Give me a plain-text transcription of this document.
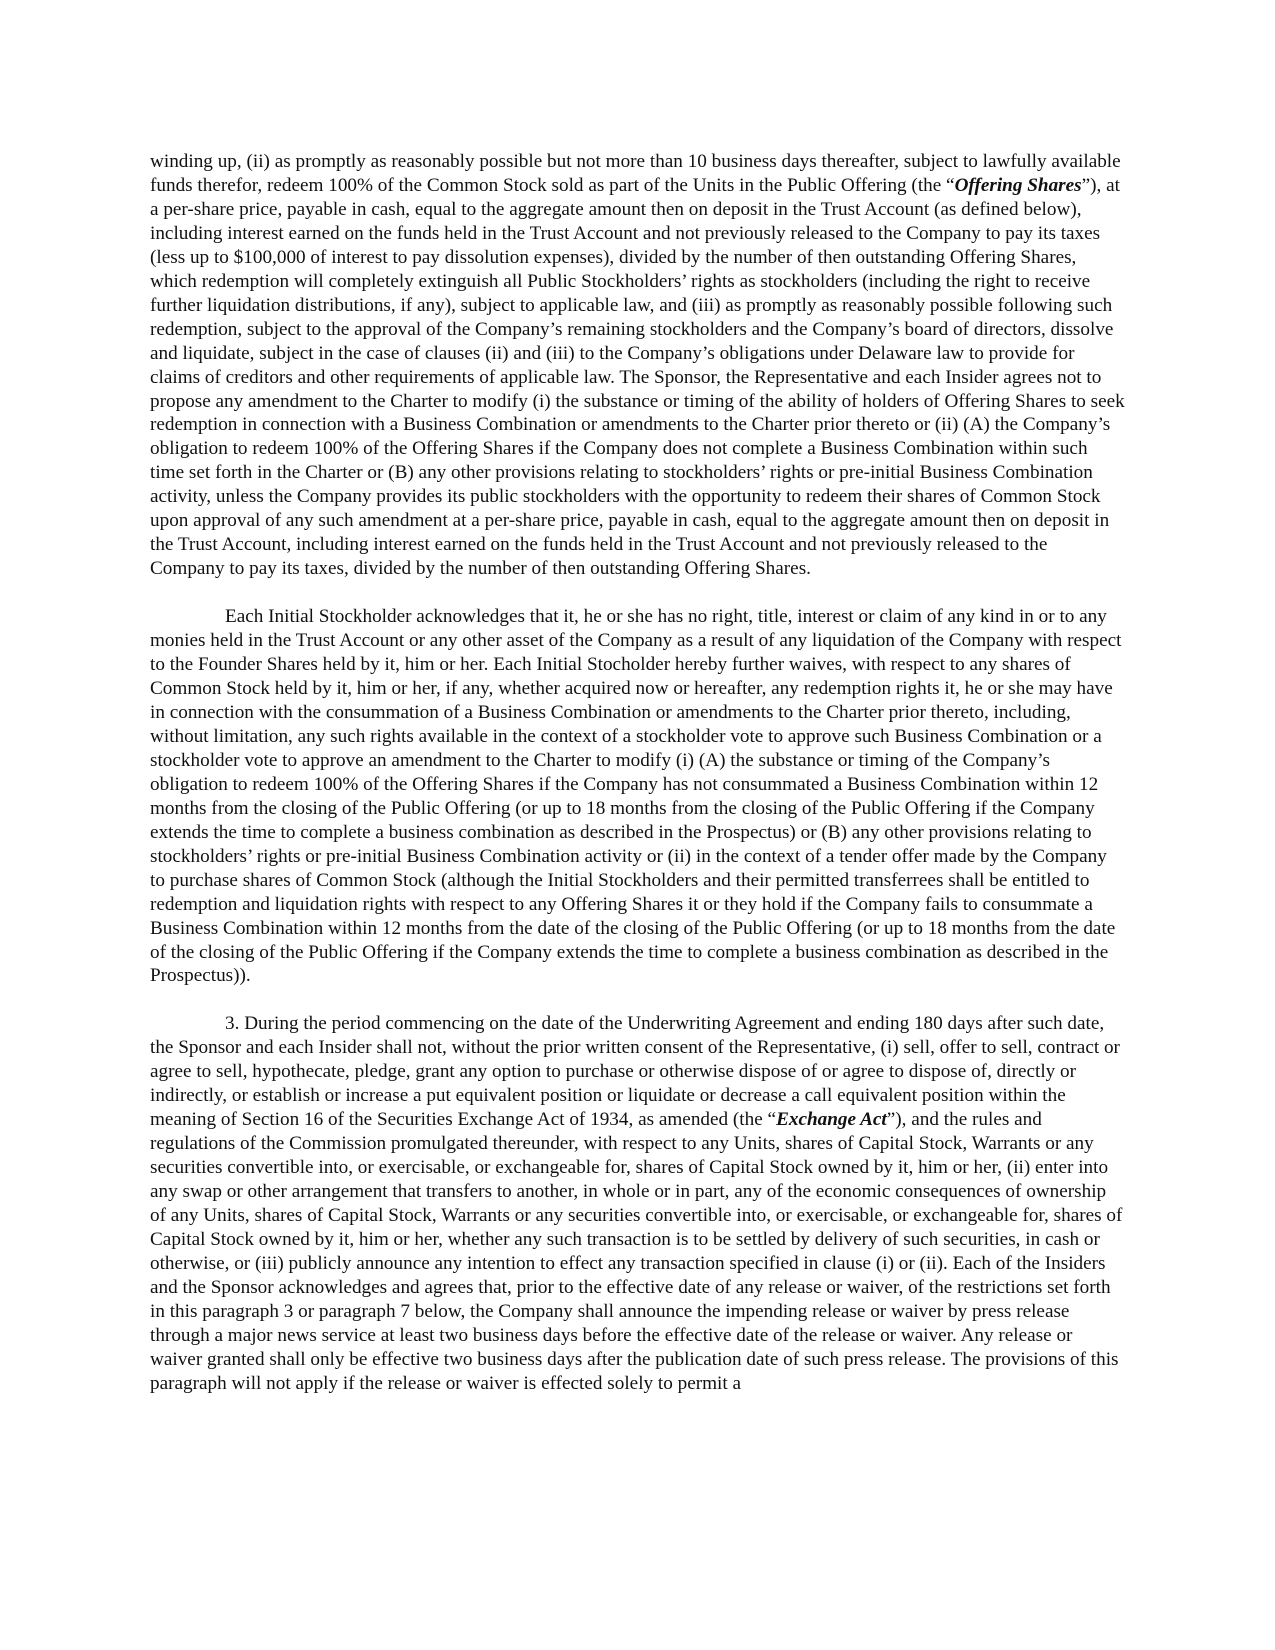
winding up, (ii) as promptly as reasonably possible but not more than 10 business days thereafter, subject to lawfully available funds therefor, redeem 100% of the Common Stock sold as part of the Units in the Public Offering (the “Offering Shares”), at a per-share price, payable in cash, equal to the aggregate amount then on deposit in the Trust Account (as defined below), including interest earned on the funds held in the Trust Account and not previously released to the Company to pay its taxes (less up to $100,000 of interest to pay dissolution expenses), divided by the number of then outstanding Offering Shares, which redemption will completely extinguish all Public Stockholders’ rights as stockholders (including the right to receive further liquidation distributions, if any), subject to applicable law, and (iii) as promptly as reasonably possible following such redemption, subject to the approval of the Company’s remaining stockholders and the Company’s board of directors, dissolve and liquidate, subject in the case of clauses (ii) and (iii) to the Company’s obligations under Delaware law to provide for claims of creditors and other requirements of applicable law. The Sponsor, the Representative and each Insider agrees not to propose any amendment to the Charter to modify (i) the substance or timing of the ability of holders of Offering Shares to seek redemption in connection with a Business Combination or amendments to the Charter prior thereto or (ii) (A) the Company’s obligation to redeem 100% of the Offering Shares if the Company does not complete a Business Combination within such time set forth in the Charter or (B) any other provisions relating to stockholders’ rights or pre-initial Business Combination activity, unless the Company provides its public stockholders with the opportunity to redeem their shares of Common Stock upon approval of any such amendment at a per-share price, payable in cash, equal to the aggregate amount then on deposit in the Trust Account, including interest earned on the funds held in the Trust Account and not previously released to the Company to pay its taxes, divided by the number of then outstanding Offering Shares.

Each Initial Stockholder acknowledges that it, he or she has no right, title, interest or claim of any kind in or to any monies held in the Trust Account or any other asset of the Company as a result of any liquidation of the Company with respect to the Founder Shares held by it, him or her. Each Initial Stocholder hereby further waives, with respect to any shares of Common Stock held by it, him or her, if any, whether acquired now or hereafter, any redemption rights it, he or she may have in connection with the consummation of a Business Combination or amendments to the Charter prior thereto, including, without limitation, any such rights available in the context of a stockholder vote to approve such Business Combination or a stockholder vote to approve an amendment to the Charter to modify (i) (A) the substance or timing of the Company’s obligation to redeem 100% of the Offering Shares if the Company has not consummated a Business Combination within 12 months from the closing of the Public Offering (or up to 18 months from the closing of the Public Offering if the Company extends the time to complete a business combination as described in the Prospectus) or (B) any other provisions relating to stockholders’ rights or pre-initial Business Combination activity or (ii) in the context of a tender offer made by the Company to purchase shares of Common Stock (although the Initial Stockholders and their permitted transferrees shall be entitled to redemption and liquidation rights with respect to any Offering Shares it or they hold if the Company fails to consummate a Business Combination within 12 months from the date of the closing of the Public Offering (or up to 18 months from the date of the closing of the Public Offering if the Company extends the time to complete a business combination as described in the Prospectus)).

3. During the period commencing on the date of the Underwriting Agreement and ending 180 days after such date, the Sponsor and each Insider shall not, without the prior written consent of the Representative, (i) sell, offer to sell, contract or agree to sell, hypothecate, pledge, grant any option to purchase or otherwise dispose of or agree to dispose of, directly or indirectly, or establish or increase a put equivalent position or liquidate or decrease a call equivalent position within the meaning of Section 16 of the Securities Exchange Act of 1934, as amended (the “Exchange Act”), and the rules and regulations of the Commission promulgated thereunder, with respect to any Units, shares of Capital Stock, Warrants or any securities convertible into, or exercisable, or exchangeable for, shares of Capital Stock owned by it, him or her, (ii) enter into any swap or other arrangement that transfers to another, in whole or in part, any of the economic consequences of ownership of any Units, shares of Capital Stock, Warrants or any securities convertible into, or exercisable, or exchangeable for, shares of Capital Stock owned by it, him or her, whether any such transaction is to be settled by delivery of such securities, in cash or otherwise, or (iii) publicly announce any intention to effect any transaction specified in clause (i) or (ii). Each of the Insiders and the Sponsor acknowledges and agrees that, prior to the effective date of any release or waiver, of the restrictions set forth in this paragraph 3 or paragraph 7 below, the Company shall announce the impending release or waiver by press release through a major news service at least two business days before the effective date of the release or waiver. Any release or waiver granted shall only be effective two business days after the publication date of such press release. The provisions of this paragraph will not apply if the release or waiver is effected solely to permit a
